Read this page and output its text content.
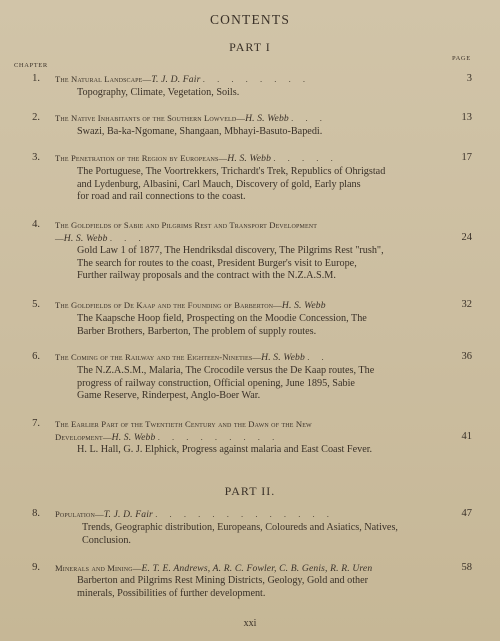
CONTENTS
PART I
CHAPTER
PAGE
1. The Natural Landscape—T. J. D. Fair . . . . . . . .
Topography, Climate, Vegetation, Soils.
3
2. The Native Inhabitants of the Southern Lowveld—H. S. Webb . . .
Swazi, Ba-ka-Ngomane, Shangaan, Mbhayi-Basuto-Bapedi.
13
3. The Penetration of the Region by Europeans—H. S. Webb . . . . .
The Portuguese, The Voortrekkers, Trichardt's Trek, Republics of Ohrigstad
and Lydenburg, Albasini, Carl Mauch, Discovery of gold, Early plans
for road and rail connections to the coast.
17
4. The Goldfields of Sabie and Pilgrims Rest and Transport Development
—H. S. Webb . . .
Gold Law 1 of 1877, The Hendriksdal discovery, The Pilgrims Rest "rush",
The search for routes to the coast, President Burger's visit to Europe,
Further railway proposals and the contract with the N.Z.A.S.M.
24
5. The Goldfields of De Kaap and the Founding of Barberton—H. S. Webb
The Kaapsche Hoop field, Prospecting on the Moodie Concession, The
Barber Brothers, Barberton, The problem of supply routes.
32
6. The Coming of the Railway and the Eighteen-Nineties—H. S. Webb . .
The N.Z.A.S.M., Malaria, The Crocodile versus the De Kaap routes, The
progress of railway construction, Official opening, June 1895, Sabie
Game Reserve, Rinderpest, Anglo-Boer War.
36
7. The Earlier Part of the Twentieth Century and the Dawn of the New
Development—H. S. Webb . . . . . . . . .
H. L. Hall, G. J. Elphick, Progress against malaria and East Coast Fever.
41
PART II.
8. Population—T. J. D. Fair . . . . . . . . . . . . .
Trends, Geographic distribution, Europeans, Coloureds and Asiatics, Natives,
Conclusion.
47
9. Minerals and Mining—E. T. E. Andrews, A. R. C. Fowler, C. B. Genis, R. R. Uren
Barberton and Pilgrims Rest Mining Districts, Geology, Gold and other
minerals, Possibilities of further development.
58
xxi
